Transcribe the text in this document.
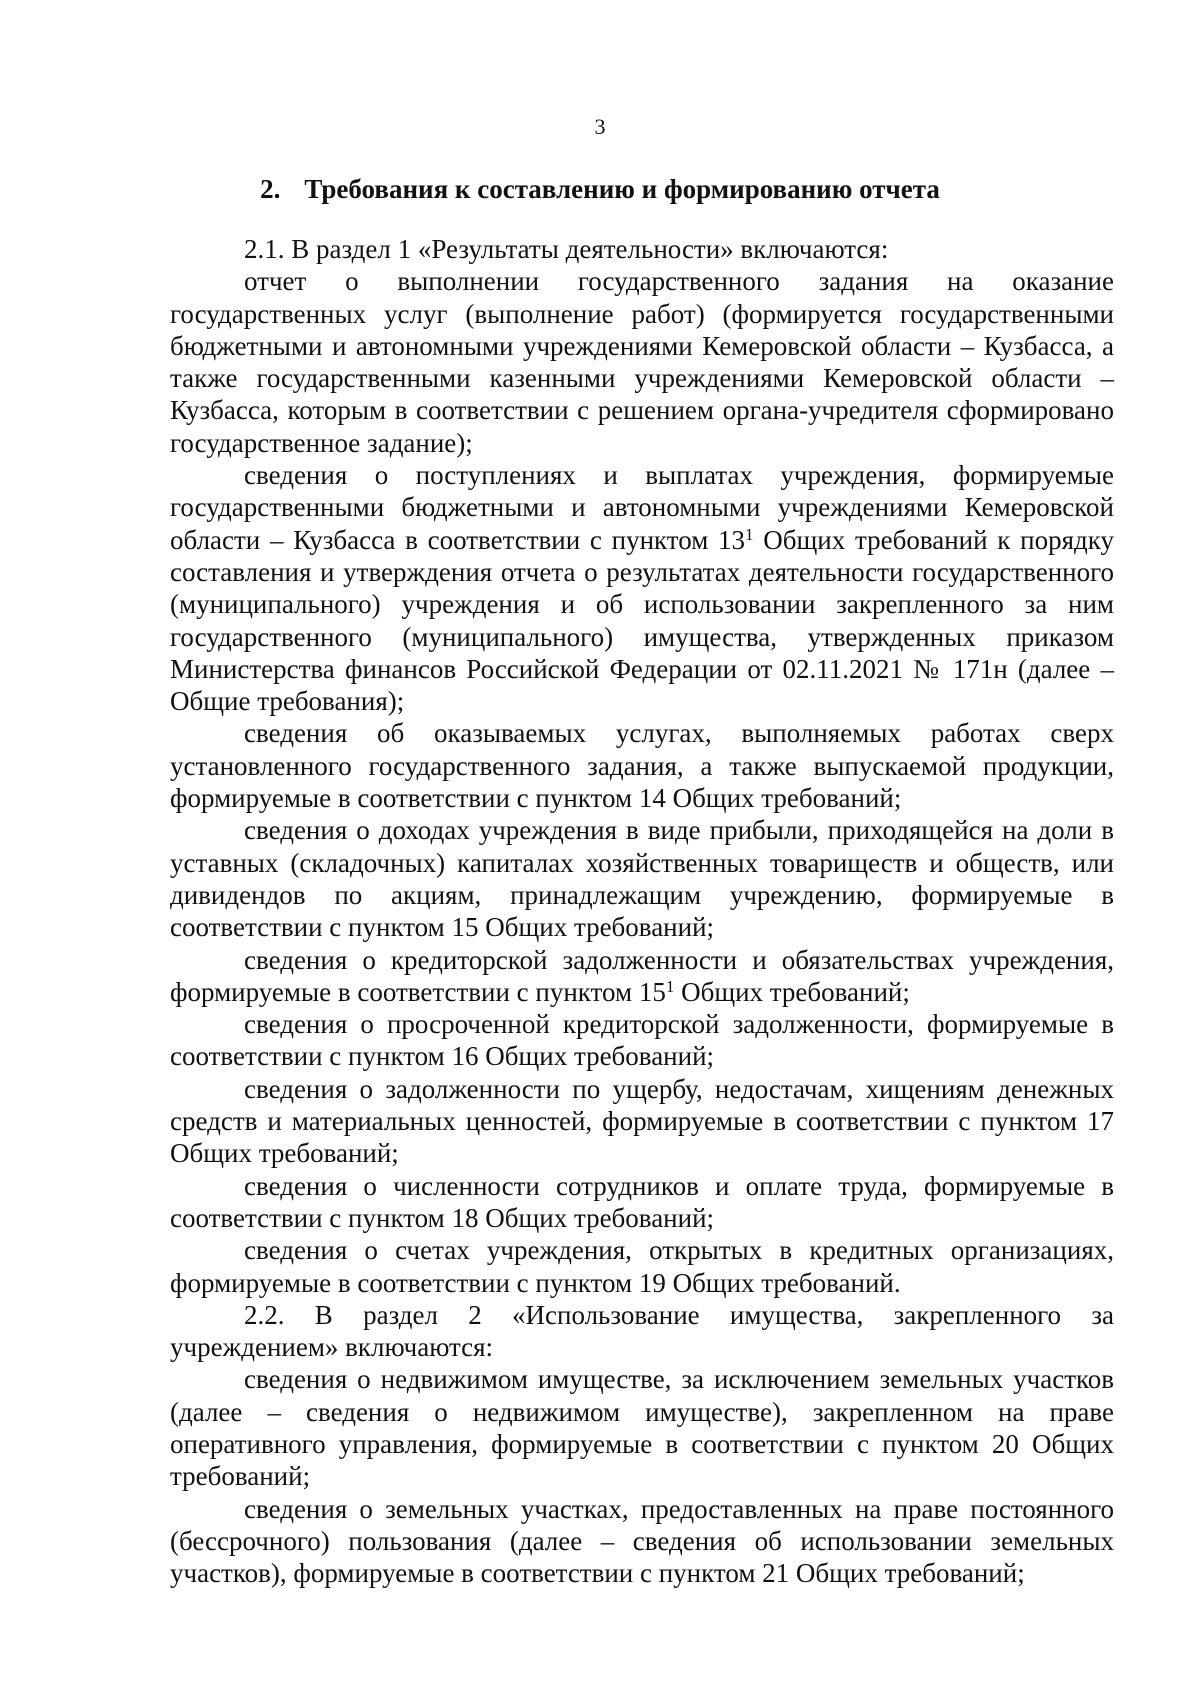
3
2. Требования к составлению и формированию отчета

2.1. В раздел 1 «Результаты деятельности» включаются:

отчет о выполнении государственного задания на оказание государственных услуг (выполнение работ) (формируется государственными бюджетными и автономными учреждениями Кемеровской области – Кузбасса, а также государственными казенными учреждениями Кемеровской области – Кузбасса, которым в соответствии с решением органа-учредителя сформировано государственное задание);

сведения о поступлениях и выплатах учреждения, формируемые государственными бюджетными и автономными учреждениями Кемеровской области – Кузбасса в соответствии с пунктом $13^1$ Общих требований к порядку составления и утверждения отчета о результатах деятельности государственного (муниципального) учреждения и об использовании закрепленного за ним государственного (муниципального) имущества, утвержденных приказом Министерства финансов Российской Федерации от 02.11.2021 № 171н (далее – Общие требования);

сведения об оказываемых услугах, выполняемых работах сверх установленного государственного задания, а также выпускаемой продукции, формируемые в соответствии с пунктом 14 Общих требований;

сведения о доходах учреждения в виде прибыли, приходящейся на доли в уставных (складочных) капиталах хозяйственных товариществ и обществ, или дивидендов по акциям, принадлежащим учреждению, формируемые в соответствии с пунктом 15 Общих требований;

сведения о кредиторской задолженности и обязательствах учреждения, формируемые в соответствии с пунктом $15^1$ Общих требований;

сведения о просроченной кредиторской задолженности, формируемые в соответствии с пунктом 16 Общих требований;

сведения о задолженности по ущербу, недостачам, хищениям денежных средств и материальных ценностей, формируемые в соответствии с пунктом 17 Общих требований;

сведения о численности сотрудников и оплате труда, формируемые в соответствии с пунктом 18 Общих требований;

сведения о счетах учреждения, открытых в кредитных организациях, формируемые в соответствии с пунктом 19 Общих требований.

2.2. В раздел 2 «Использование имущества, закрепленного за учреждением» включаются:

сведения о недвижимом имуществе, за исключением земельных участков (далее – сведения о недвижимом имуществе), закрепленном на праве оперативного управления, формируемые в соответствии с пунктом 20 Общих требований;

сведения о земельных участках, предоставленных на праве постоянного (бессрочного) пользования (далее – сведения об использовании земельных участков), формируемые в соответствии с пунктом 21 Общих требований;
